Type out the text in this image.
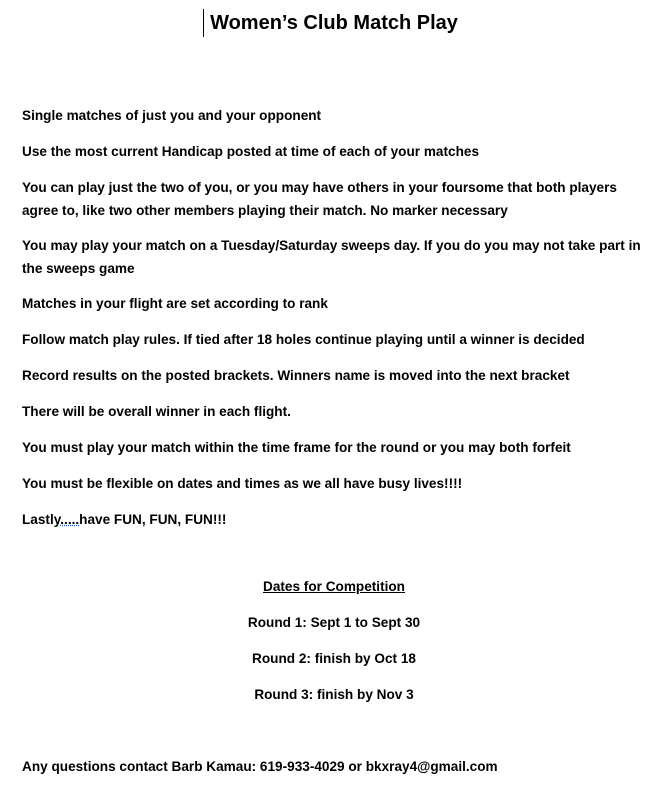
Women’s Club Match Play

Single matches of just you and your opponent

Use the most current Handicap posted at time of each of your matches

You can play just the two of you, or you may have others in your foursome that both players agree to, like two other members playing their match. No marker necessary

You may play your match on a Tuesday/Saturday sweeps day. If you do you may not take part in the sweeps game

Matches in your flight are set according to rank

Follow match play rules. If tied after 18 holes continue playing until a winner is decided

Record results on the posted brackets. Winners name is moved into the next bracket

There will be overall winner in each flight.

You must play your match within the time frame for the round or you may both forfeit

You must be flexible on dates and times as we all have busy lives!!!!

Lastly.....have FUN, FUN, FUN!!!

Dates for Competition
Round 1: Sept 1 to Sept 30
Round 2: finish by Oct 18
Round 3: finish by Nov 3
Any questions contact Barb Kamau: 619-933-4029 or bkxray4@gmail.com
